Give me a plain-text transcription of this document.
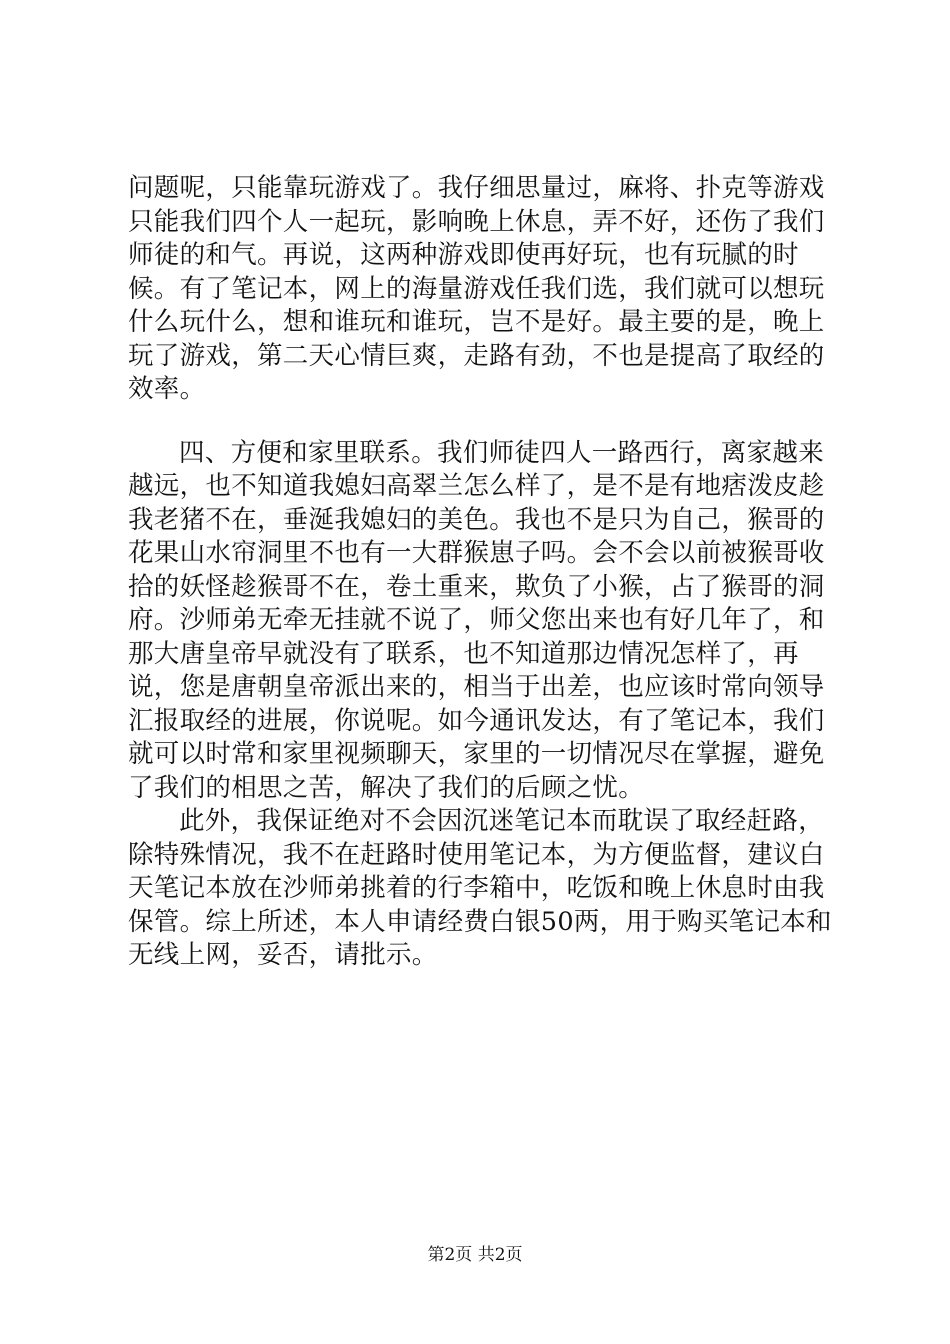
问题呢，只能靠玩游戏了。我仔细思量过，麻将、扑克等游戏只能我们四个人一起玩，影响晚上休息，弄不好，还伤了我们师徒的和气。再说，这两种游戏即使再好玩，也有玩腻的时候。有了笔记本，网上的海量游戏任我们选，我们就可以想玩什么玩什么，想和谁玩和谁玩，岂不是好。最主要的是，晚上玩了游戏，第二天心情巨爽，走路有劲，不也是提高了取经的效率。

四、方便和家里联系。我们师徒四人一路西行，离家越来越远，也不知道我媳妇高翠兰怎么样了，是不是有地痞泼皮趁我老猪不在，垂涎我媳妇的美色。我也不是只为自己，猴哥的花果山水帘洞里不也有一大群猴崽子吗。会不会以前被猴哥收拾的妖怪趁猴哥不在，卷土重来，欺负了小猴，占了猴哥的洞府。沙师弟无牵无挂就不说了，师父您出来也有好几年了，和那大唐皇帝早就没有了联系，也不知道那边情况怎样了，再说，您是唐朝皇帝派出来的，相当于出差，也应该时常向领导汇报取经的进展，你说呢。如今通讯发达，有了笔记本，我们就可以时常和家里视频聊天，家里的一切情况尽在掌握，避免了我们的相思之苦，解决了我们的后顾之忧。

此外，我保证绝对不会因沉迷笔记本而耽误了取经赶路，除特殊情况，我不在赶路时使用笔记本，为方便监督，建议白天笔记本放在沙师弟挑着的行李箱中，吃饭和晚上休息时由我保管。综上所述，本人申请经费白银50两，用于购买笔记本和无线上网，妥否，请批示。

第2页 共2页
